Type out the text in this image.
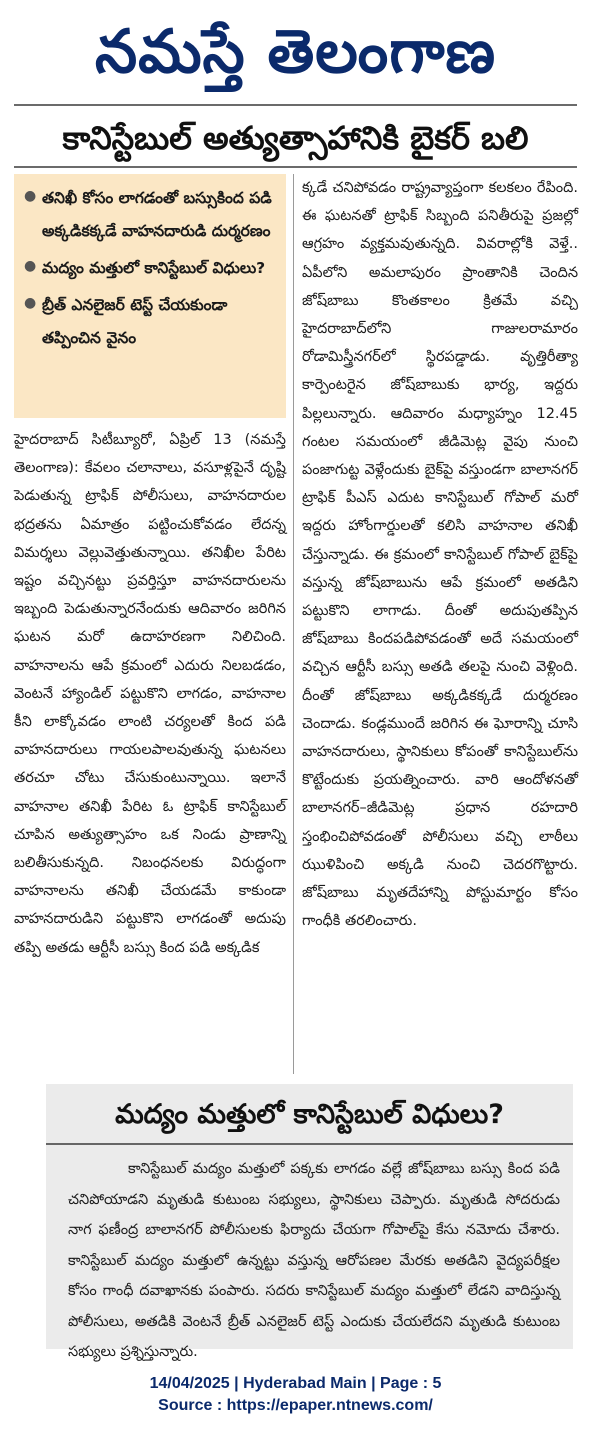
నమస్తే తెలంగాణ
కానిస్టేబుల్ అత్యుత్సాహానికి బైకర్ బలి
● తనిఖీ కోసం లాగడంతో బస్సుకింద పడి అక్కడికక్కడే వాహనదారుడి దుర్మరణం
● మద్యం మత్తులో కానిస్టేబుల్ విధులు?
● బ్రీత్ ఎనలైజర్ టెస్ట్ చేయకుండా తప్పించిన వైనం

హైదరాబాద్ సిటీబ్యూరో, ఏప్రిల్ 13 (నమస్తే తెలంగాణ): కేవలం చలానాలు, వసూళ్లపైనే దృష్టి పెడుతున్న ట్రాఫిక్ పోలీసులు, వాహనదారుల భద్రతను ఏమాత్రం పట్టించుకోవడం లేదన్న విమర్శలు వెల్లువెత్తుతున్నాయి. తనిఖీల పేరిట ఇష్టం వచ్చినట్టు ప్రవర్తిస్తూ వాహనదారులను ఇబ్బంది పెడుతున్నారనేందుకు ఆదివారం జరిగిన ఘటన మరో ఉదాహరణగా నిలిచింది. వాహనాలను ఆపే క్రమంలో ఎదురు నిలబడడం, వెంటనే హ్యాండిల్ పట్టుకొని లాగడం, వాహనాల కీని లాక్కోవడం లాంటి చర్యలతో కింద పడి వాహనదారులు గాయలపాలవుతున్న ఘటనలు తరచూ చోటు చేసుకుంటున్నాయి. ఇలానే వాహనాల తనిఖీ పేరిట ఓ ట్రాఫిక్ కానిస్టేబుల్ చూపిన అత్యుత్సాహం ఒక నిండు ప్రాణాన్ని బలితీసుకున్నది. నిబంధనలకు విరుద్ధంగా వాహనాలను తనిఖీ చేయడమే కాకుండా వాహనదారుడిని పట్టుకొని లాగడంతో అదుపు తప్పి అతడు ఆర్టీసీ బస్సు కింద పడి అక్కడిక

క్కడే చనిపోవడం రాష్ట్రవ్యాప్తంగా కలకలం రేపింది. ఈ ఘటనతో ట్రాఫిక్ సిబ్బంది పనితీరుపై ప్రజల్లో ఆగ్రహం వ్యక్తమవుతున్నది. వివరాల్లోకి వెళ్తే.. ఏపీలోని అమలాపురం ప్రాంతానికి చెందిన జోష్‌బాబు కొంతకాలం క్రితమే వచ్చి హైదరాబాద్‌లోని గాజులరామారం రోడామిస్త్రీనగర్‌లో స్థిరపడ్డాడు. వృత్తిరీత్యా కార్పెంటరైన జోష్‌బాబుకు భార్య, ఇద్దరు పిల్లలున్నారు. ఆదివారం మధ్యాహ్నం 12.45 గంటల సమయంలో జీడిమెట్ల వైపు నుంచి పంజాగుట్ట వెళ్లేందుకు బైక్‌పై వస్తుండగా బాలానగర్ ట్రాఫిక్ పీఎస్ ఎదుట కానిస్టేబుల్ గోపాల్ మరో ఇద్దరు హోంగార్డులతో కలిసి వాహనాల తనిఖీ చేస్తున్నాడు. ఈ క్రమంలో కానిస్టేబుల్ గోపాల్ బైక్‌పై వస్తున్న జోష్‌బాబును ఆపే క్రమంలో అతడిని పట్టుకొని లాగాడు. దీంతో అదుపుతప్పిన జోష్‌బాబు కిందపడిపోవడంతో అదే సమయంలో వచ్చిన ఆర్టీసీ బస్సు అతడి తలపై నుంచి వెళ్లింది. దీంతో జోష్‌బాబు అక్కడికక్కడే దుర్మరణం చెందాడు. కండ్లముందే జరిగిన ఈ ఘోరాన్ని చూసి వాహనదారులు, స్థానికులు కోపంతో కానిస్టేబుల్‌ను కొట్టేందుకు ప్రయత్నించారు. వారి ఆందోళనతో బాలానగర్–జీడిమెట్ల ప్రధాన రహదారి స్తంభించిపోవడంతో పోలీసులు వచ్చి లాఠీలు ఝుళిపించి అక్కడి నుంచి చెదరగొట్టారు. జోష్‌బాబు మృతదేహాన్ని పోస్టుమార్టం కోసం గాంధీకి తరలించారు.

మద్యం మత్తులో కానిస్టేబుల్ విధులు?
కానిస్టేబుల్ మద్యం మత్తులో పక్కకు లాగడం వల్లే జోష్‌బాబు బస్సు కింద పడి చనిపోయాడని మృతుడి కుటుంబ సభ్యులు, స్థానికులు చెప్పారు. మృతుడి సోదరుడు నాగ ఫణీంద్ర బాలానగర్ పోలీసులకు ఫిర్యాదు చేయగా గోపాల్‌పై కేసు నమోదు చేశారు. కానిస్టేబుల్ మద్యం మత్తులో ఉన్నట్టు వస్తున్న ఆరోపణల మేరకు అతడిని వైద్యపరీక్షల కోసం గాంధీ దవాఖానకు పంపారు. సదరు కానిస్టేబుల్ మద్యం మత్తులో లేడని వాదిస్తున్న పోలీసులు, అతడికి వెంటనే బ్రీత్ ఎనలైజర్ టెస్ట్ ఎందుకు చేయలేదని మృతుడి కుటుంబ సభ్యులు ప్రశ్నిస్తున్నారు.
14/04/2025 | Hyderabad Main | Page : 5
Source : https://epaper.ntnews.com/
